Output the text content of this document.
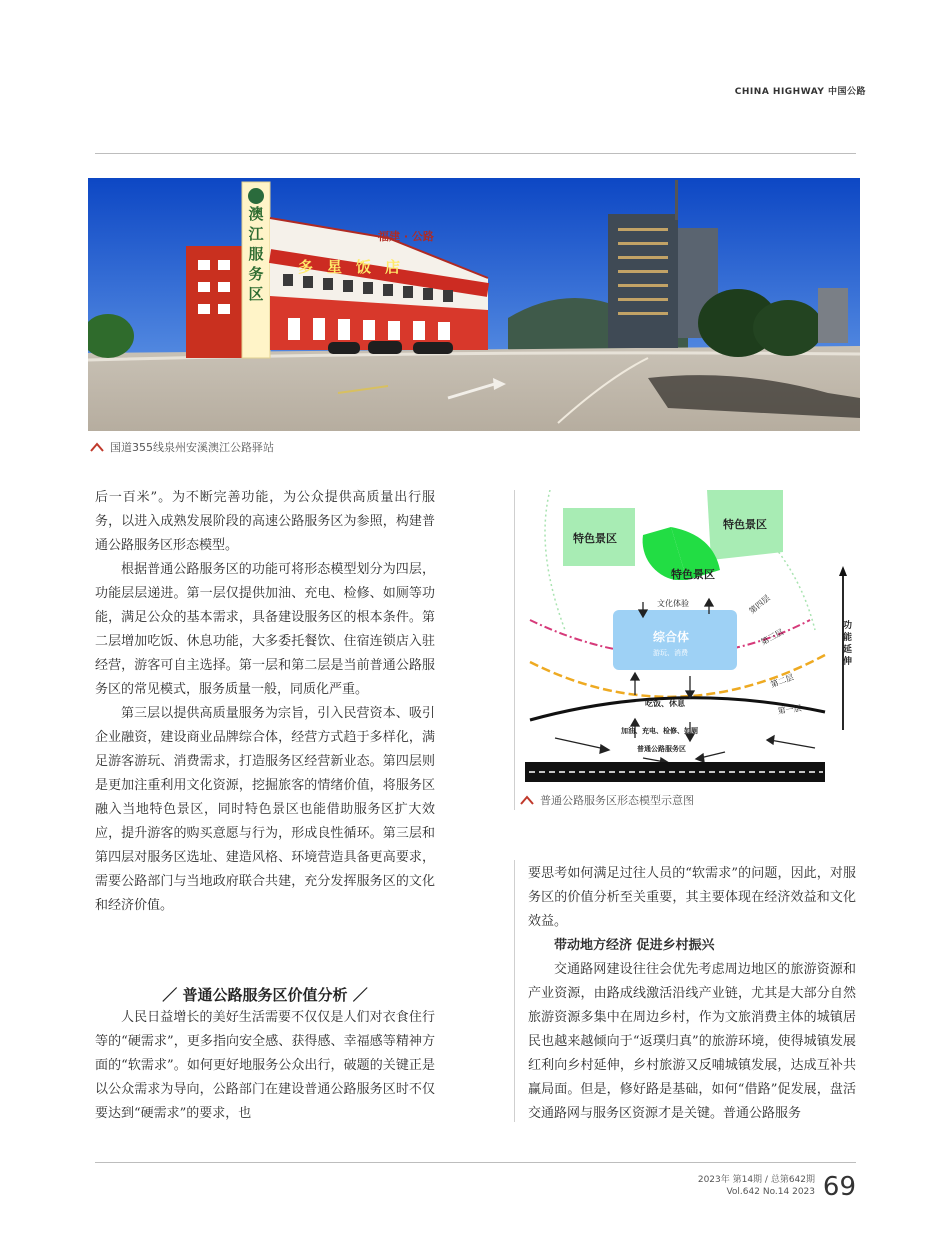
CHINA HIGHWAY 中国公路
澳江服务区
福建 · 公路
多星饭店
国道355线泉州安溪澳江公路驿站

后一百米”。为不断完善功能，为公众提供高质量出行服务，以进入成熟发展阶段的高速公路服务区为参照，构建普通公路服务区形态模型。

根据普通公路服务区的功能可将形态模型划分为四层，功能层层递进。第一层仅提供加油、充电、检修、如厕等功能，满足公众的基本需求，具备建设服务区的根本条件。第二层增加吃饭、休息功能，大多委托餐饮、住宿连锁店入驻经营，游客可自主选择。第一层和第二层是当前普通公路服务区的常见模式，服务质量一般，同质化严重。

第三层以提供高质量服务为宗旨，引入民营资本、吸引企业融资，建设商业品牌综合体，经营方式趋于多样化，满足游客游玩、消费需求，打造服务区经营新业态。第四层则是更加注重利用文化资源，挖掘旅客的情绪价值，将服务区融入当地特色景区，同时特色景区也能借助服务区扩大效应，提升游客的购买意愿与行为，形成良性循环。第三层和第四层对服务区选址、建造风格、环境营造具备更高要求，需要公路部门与当地政府联合共建，充分发挥服务区的文化和经济价值。

／ 普通公路服务区价值分析 ／

人民日益增长的美好生活需要不仅仅是人们对衣食住行等的“硬需求”，更多指向安全感、获得感、幸福感等精神方面的“软需求”。如何更好地服务公众出行，破题的关键正是以公众需求为导向，公路部门在建设普通公路服务区时不仅要达到“硬需求”的要求，也

特色景区
特色景区
特色景区
文化体验
综合体
游玩、消费
第四层
第三层
第二层
第一层
吃饭、休息
加油、充电、检修、如厕
普通公路服务区
功能延伸
普通公路服务区形态模型示意图

要思考如何满足过往人员的“软需求”的问题，因此，对服务区的价值分析至关重要，其主要体现在经济效益和文化效益。

带动地方经济 促进乡村振兴

交通路网建设往往会优先考虑周边地区的旅游资源和产业资源，由路成线激活沿线产业链，尤其是大部分自然旅游资源多集中在周边乡村，作为文旅消费主体的城镇居民也越来越倾向于“返璞归真”的旅游环境，使得城镇发展红利向乡村延伸，乡村旅游又反哺城镇发展，达成互补共赢局面。但是，修好路是基础，如何“借路”促发展，盘活交通路网与服务区资源才是关键。普通公路服务

2023年 第14期 / 总第642期
Vol.642 No.14 2023 69
